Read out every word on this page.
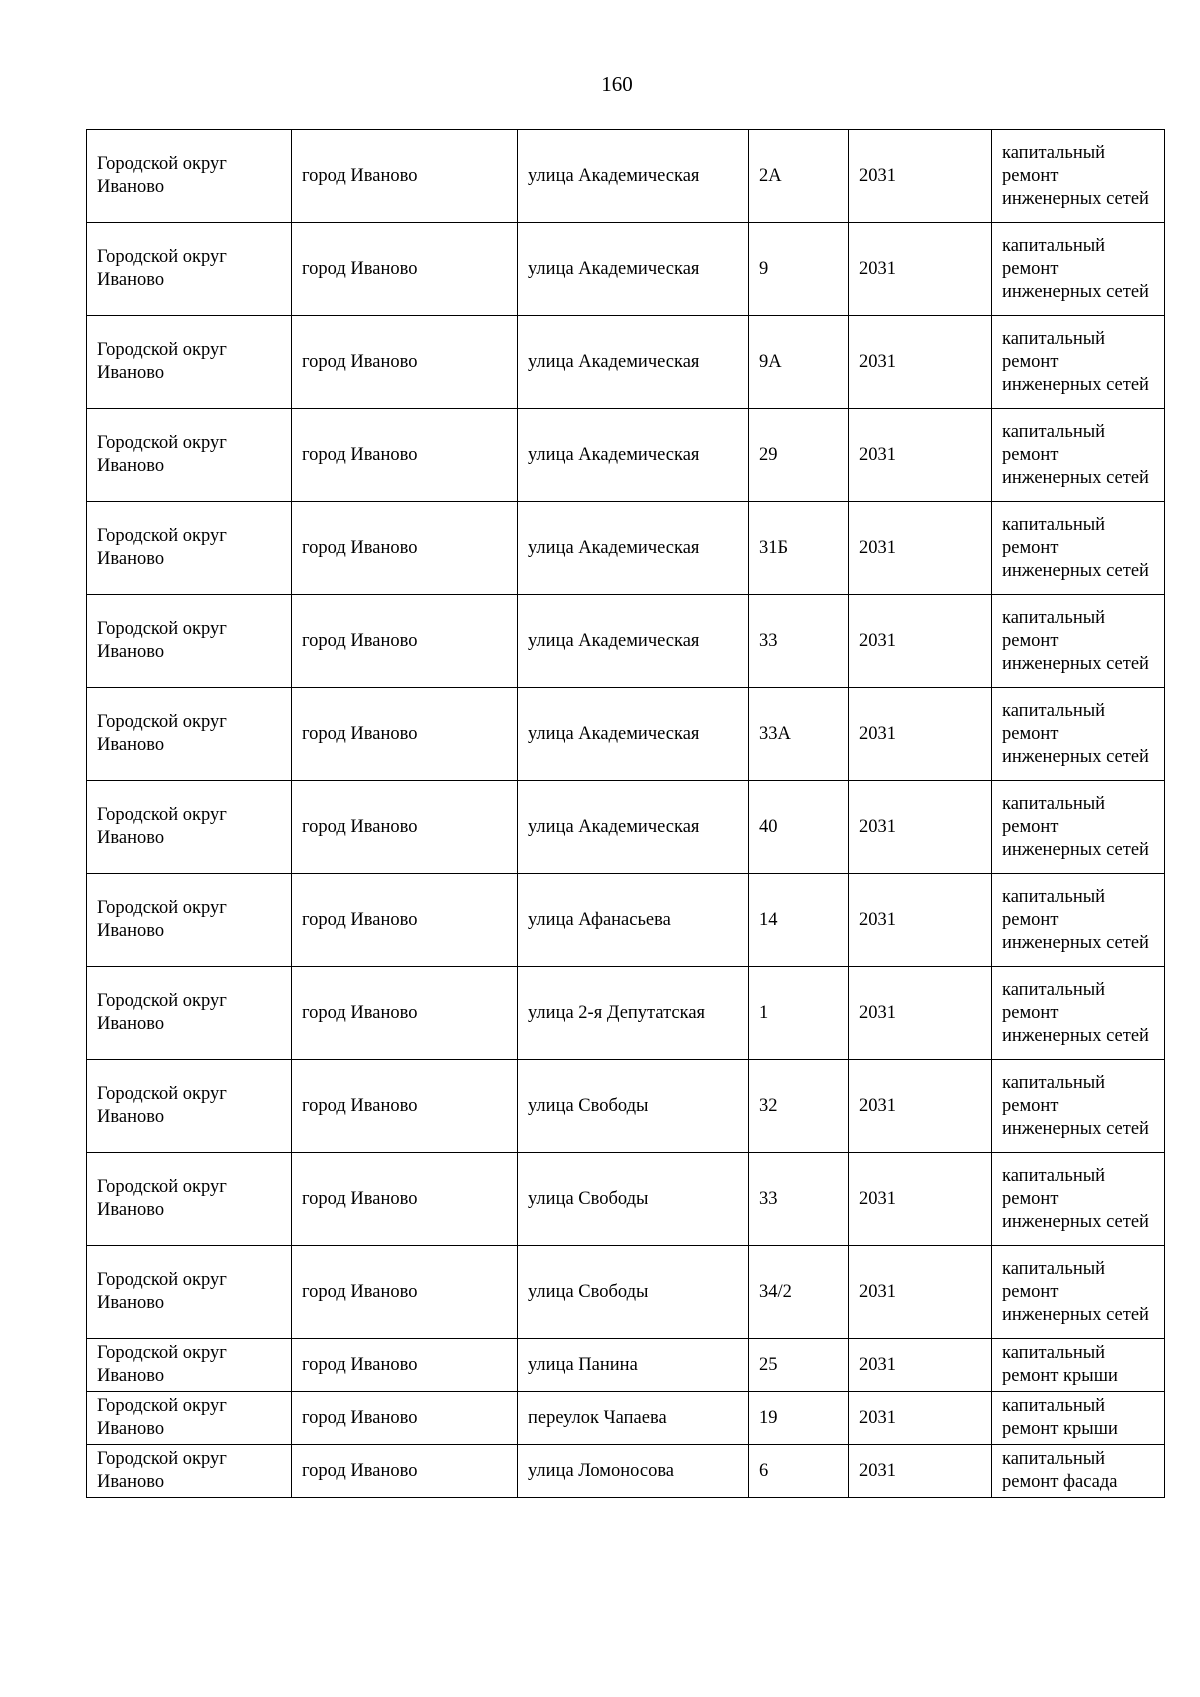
160
Городской округ Иваново	город Иваново	улица Академическая	2А	2031	капитальный ремонт инженерных сетей
Городской округ Иваново	город Иваново	улица Академическая	9	2031	капитальный ремонт инженерных сетей
Городской округ Иваново	город Иваново	улица Академическая	9А	2031	капитальный ремонт инженерных сетей
Городской округ Иваново	город Иваново	улица Академическая	29	2031	капитальный ремонт инженерных сетей
Городской округ Иваново	город Иваново	улица Академическая	31Б	2031	капитальный ремонт инженерных сетей
Городской округ Иваново	город Иваново	улица Академическая	33	2031	капитальный ремонт инженерных сетей
Городской округ Иваново	город Иваново	улица Академическая	33А	2031	капитальный ремонт инженерных сетей
Городской округ Иваново	город Иваново	улица Академическая	40	2031	капитальный ремонт инженерных сетей
Городской округ Иваново	город Иваново	улица Афанасьева	14	2031	капитальный ремонт инженерных сетей
Городской округ Иваново	город Иваново	улица 2-я Депутатская	1	2031	капитальный ремонт инженерных сетей
Городской округ Иваново	город Иваново	улица Свободы	32	2031	капитальный ремонт инженерных сетей
Городской округ Иваново	город Иваново	улица Свободы	33	2031	капитальный ремонт инженерных сетей
Городской округ Иваново	город Иваново	улица Свободы	34/2	2031	капитальный ремонт инженерных сетей
Городской округ Иваново	город Иваново	улица Панина	25	2031	капитальный ремонт крыши
Городской округ Иваново	город Иваново	переулок Чапаева	19	2031	капитальный ремонт крыши
Городской округ Иваново	город Иваново	улица Ломоносова	6	2031	капитальный ремонт фасада
